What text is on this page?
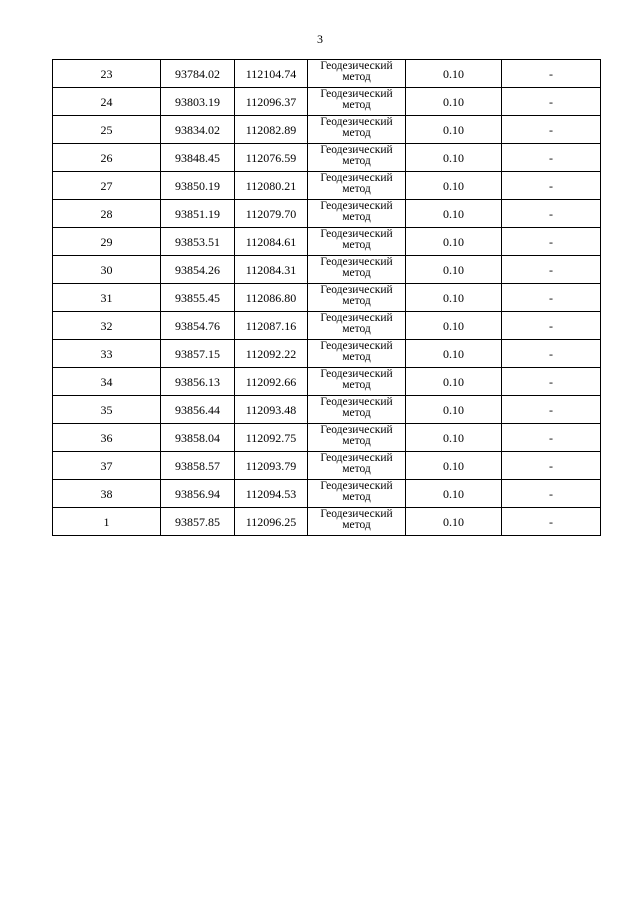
3
23	93784.02	112104.74	Геодезический метод	0.10	-
24	93803.19	112096.37	Геодезический метод	0.10	-
25	93834.02	112082.89	Геодезический метод	0.10	-
26	93848.45	112076.59	Геодезический метод	0.10	-
27	93850.19	112080.21	Геодезический метод	0.10	-
28	93851.19	112079.70	Геодезический метод	0.10	-
29	93853.51	112084.61	Геодезический метод	0.10	-
30	93854.26	112084.31	Геодезический метод	0.10	-
31	93855.45	112086.80	Геодезический метод	0.10	-
32	93854.76	112087.16	Геодезический метод	0.10	-
33	93857.15	112092.22	Геодезический метод	0.10	-
34	93856.13	112092.66	Геодезический метод	0.10	-
35	93856.44	112093.48	Геодезический метод	0.10	-
36	93858.04	112092.75	Геодезический метод	0.10	-
37	93858.57	112093.79	Геодезический метод	0.10	-
38	93856.94	112094.53	Геодезический метод	0.10	-
1	93857.85	112096.25	Геодезический метод	0.10	-
